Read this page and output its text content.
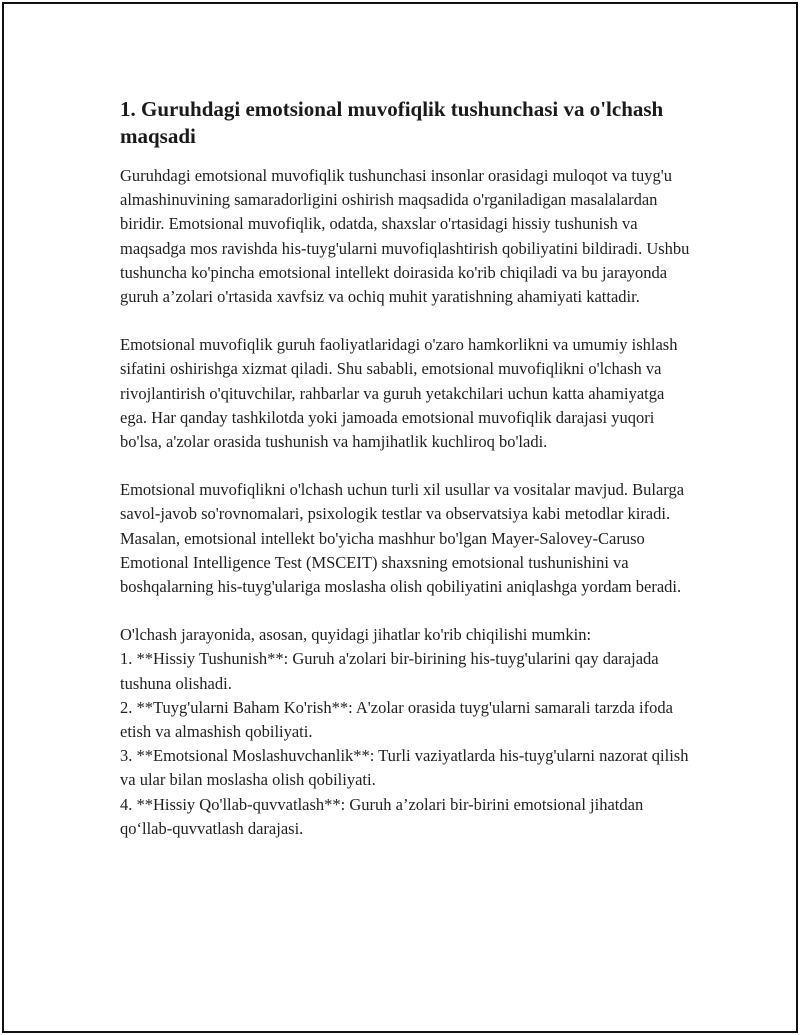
1. Guruhdagi emotsional muvofiqlik tushunchasi va o'lchash maqsadi

Guruhdagi emotsional muvofiqlik tushunchasi insonlar orasidagi muloqot va tuyg'u almashinuvining samaradorligini oshirish maqsadida o'rganiladigan masalalardan biridir. Emotsional muvofiqlik, odatda, shaxslar o'rtasidagi hissiy tushunish va maqsadga mos ravishda his-tuyg'ularni muvofiqlashtirish qobiliyatini bildiradi. Ushbu tushuncha ko'pincha emotsional intellekt doirasida ko'rib chiqiladi va bu jarayonda guruh a’zolari o'rtasida xavfsiz va ochiq muhit yaratishning ahamiyati kattadir.

Emotsional muvofiqlik guruh faoliyatlaridagi o'zaro hamkorlikni va umumiy ishlash sifatini oshirishga xizmat qiladi. Shu sababli, emotsional muvofiqlikni o'lchash va rivojlantirish o'qituvchilar, rahbarlar va guruh yetakchilari uchun katta ahamiyatga ega. Har qanday tashkilotda yoki jamoada emotsional muvofiqlik darajasi yuqori bo'lsa, a'zolar orasida tushunish va hamjihatlik kuchliroq bo'ladi.

Emotsional muvofiqlikni o'lchash uchun turli xil usullar va vositalar mavjud. Bularga savol-javob so'rovnomalari, psixologik testlar va observatsiya kabi metodlar kiradi. Masalan, emotsional intellekt bo'yicha mashhur bo'lgan Mayer-Salovey-Caruso Emotional Intelligence Test (MSCEIT) shaxsning emotsional tushunishini va boshqalarning his-tuyg'ulariga moslasha olish qobiliyatini aniqlashga yordam beradi.

O'lchash jarayonida, asosan, quyidagi jihatlar ko'rib chiqilishi mumkin:

1. **Hissiy Tushunish**: Guruh a'zolari bir-birining his-tuyg'ularini qay darajada tushuna olishadi.
2. **Tuyg'ularni Baham Ko'rish**: A'zolar orasida tuyg'ularni samarali tarzda ifoda etish va almashish qobiliyati.
3. **Emotsional Moslashuvchanlik**: Turli vaziyatlarda his-tuyg'ularni nazorat qilish va ular bilan moslasha olish qobiliyati.
4. **Hissiy Qo'llab-quvvatlash**: Guruh a’zolari bir-birini emotsional jihatdan qo‘llab-quvvatlash darajasi.
